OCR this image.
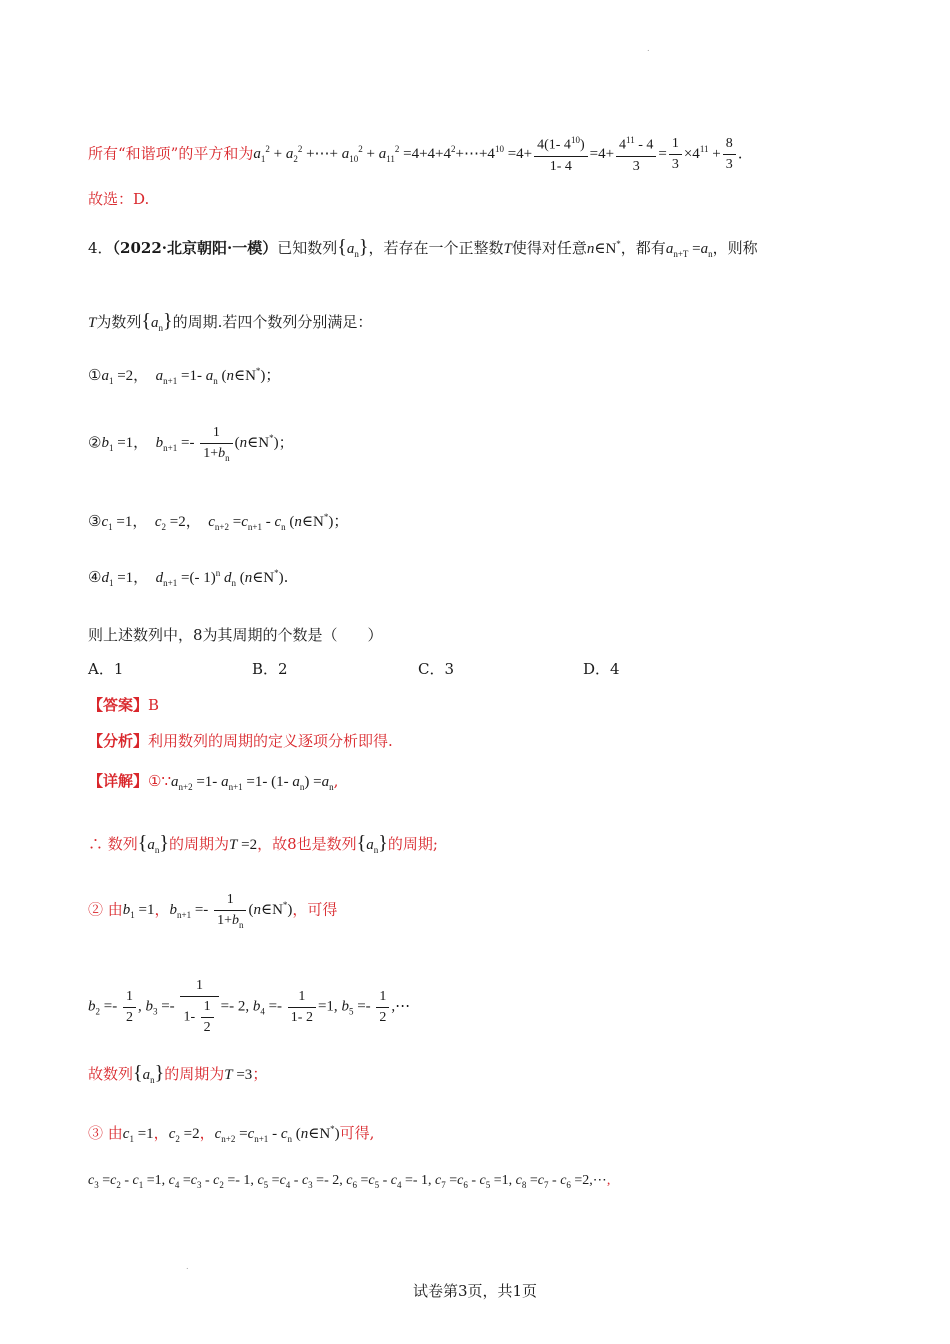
.
.
所有“和谐项”的平方和为$a_1^2 + a_2^2$ +⋯+ $a_{10}^2 + a_{11}^2$ $=4+4+4^2+\cdots+4^{10} =4+ \frac{4(1- 4^{10})}{1- 4} =4+ \frac{4^{11} - 4}{3} = \frac{1}{3} \times 4^{11} + \frac{8}{3}$ .
故选：D.
4．（2022·北京朝阳·一模）已知数列$\{a_n\}$，若存在一个正整数T使得对任意n∈N*，都有$a_{n+T} =a_n$，则称
T为数列$\{a_n\}$的周期.若四个数列分别满足：
$①a_1 =2$，　$a_{n+1} =1-$ $a_n$ (n∈N*)；
$②b_1 =1$，　$b_{n+1} =- \frac{1}{1+b_n}$ (n∈N*)；
$③c_1 =1$，　$c_2 =2$，　$c_{n+2} =c_{n+1} - c_n$ (n∈N*)；
$④d_1 =1$，　$d_{n+1}$ =(- 1)$^n$ $d_n$ (n∈N*).
则上述数列中，8为其周期的个数是（　　）
A．1	B．2	C．3	D．4
【答案】B
【分析】利用数列的周期的定义逐项分析即得.
【详解】$①\because a_{n+2} =1-$ $a_{n+1} =1-$ (1- $a_n) =a_n$,
∴ 数列$\{a_n\}$的周期为T =2，故8也是数列$\{a_n\}$的周期;
② 由$b_1 =1$，$b_{n+1} =- \frac{1}{1+b_n}$ (n∈N*)，可得
$b_2 =- \frac{1}{2}$ , $b_3 =- \frac{1}{1- \frac{1}{2}} =- 2$, $b_4 =- \frac{1}{1- 2} =1$, $b_5 =- \frac{1}{2}$ ,⋯
故数列$\{a_n\}$的周期为T =3；
③ 由$c_1 =1$，$c_2 =2$，$c_{n+2} =c_{n+1} - c_n$ (n∈N*)可得,
$c_3 =c_2 - c_1 =1$, $c_4 =c_3 - c_2 =- 1$, $c_5 =c_4 - c_3 =- 2$, $c_6 =c_5 - c_4 =- 1$, $c_7 =c_6 - c_5 =1$, $c_8 =c_7 - c_6$ =2,⋯,
试卷第3页，共1页
